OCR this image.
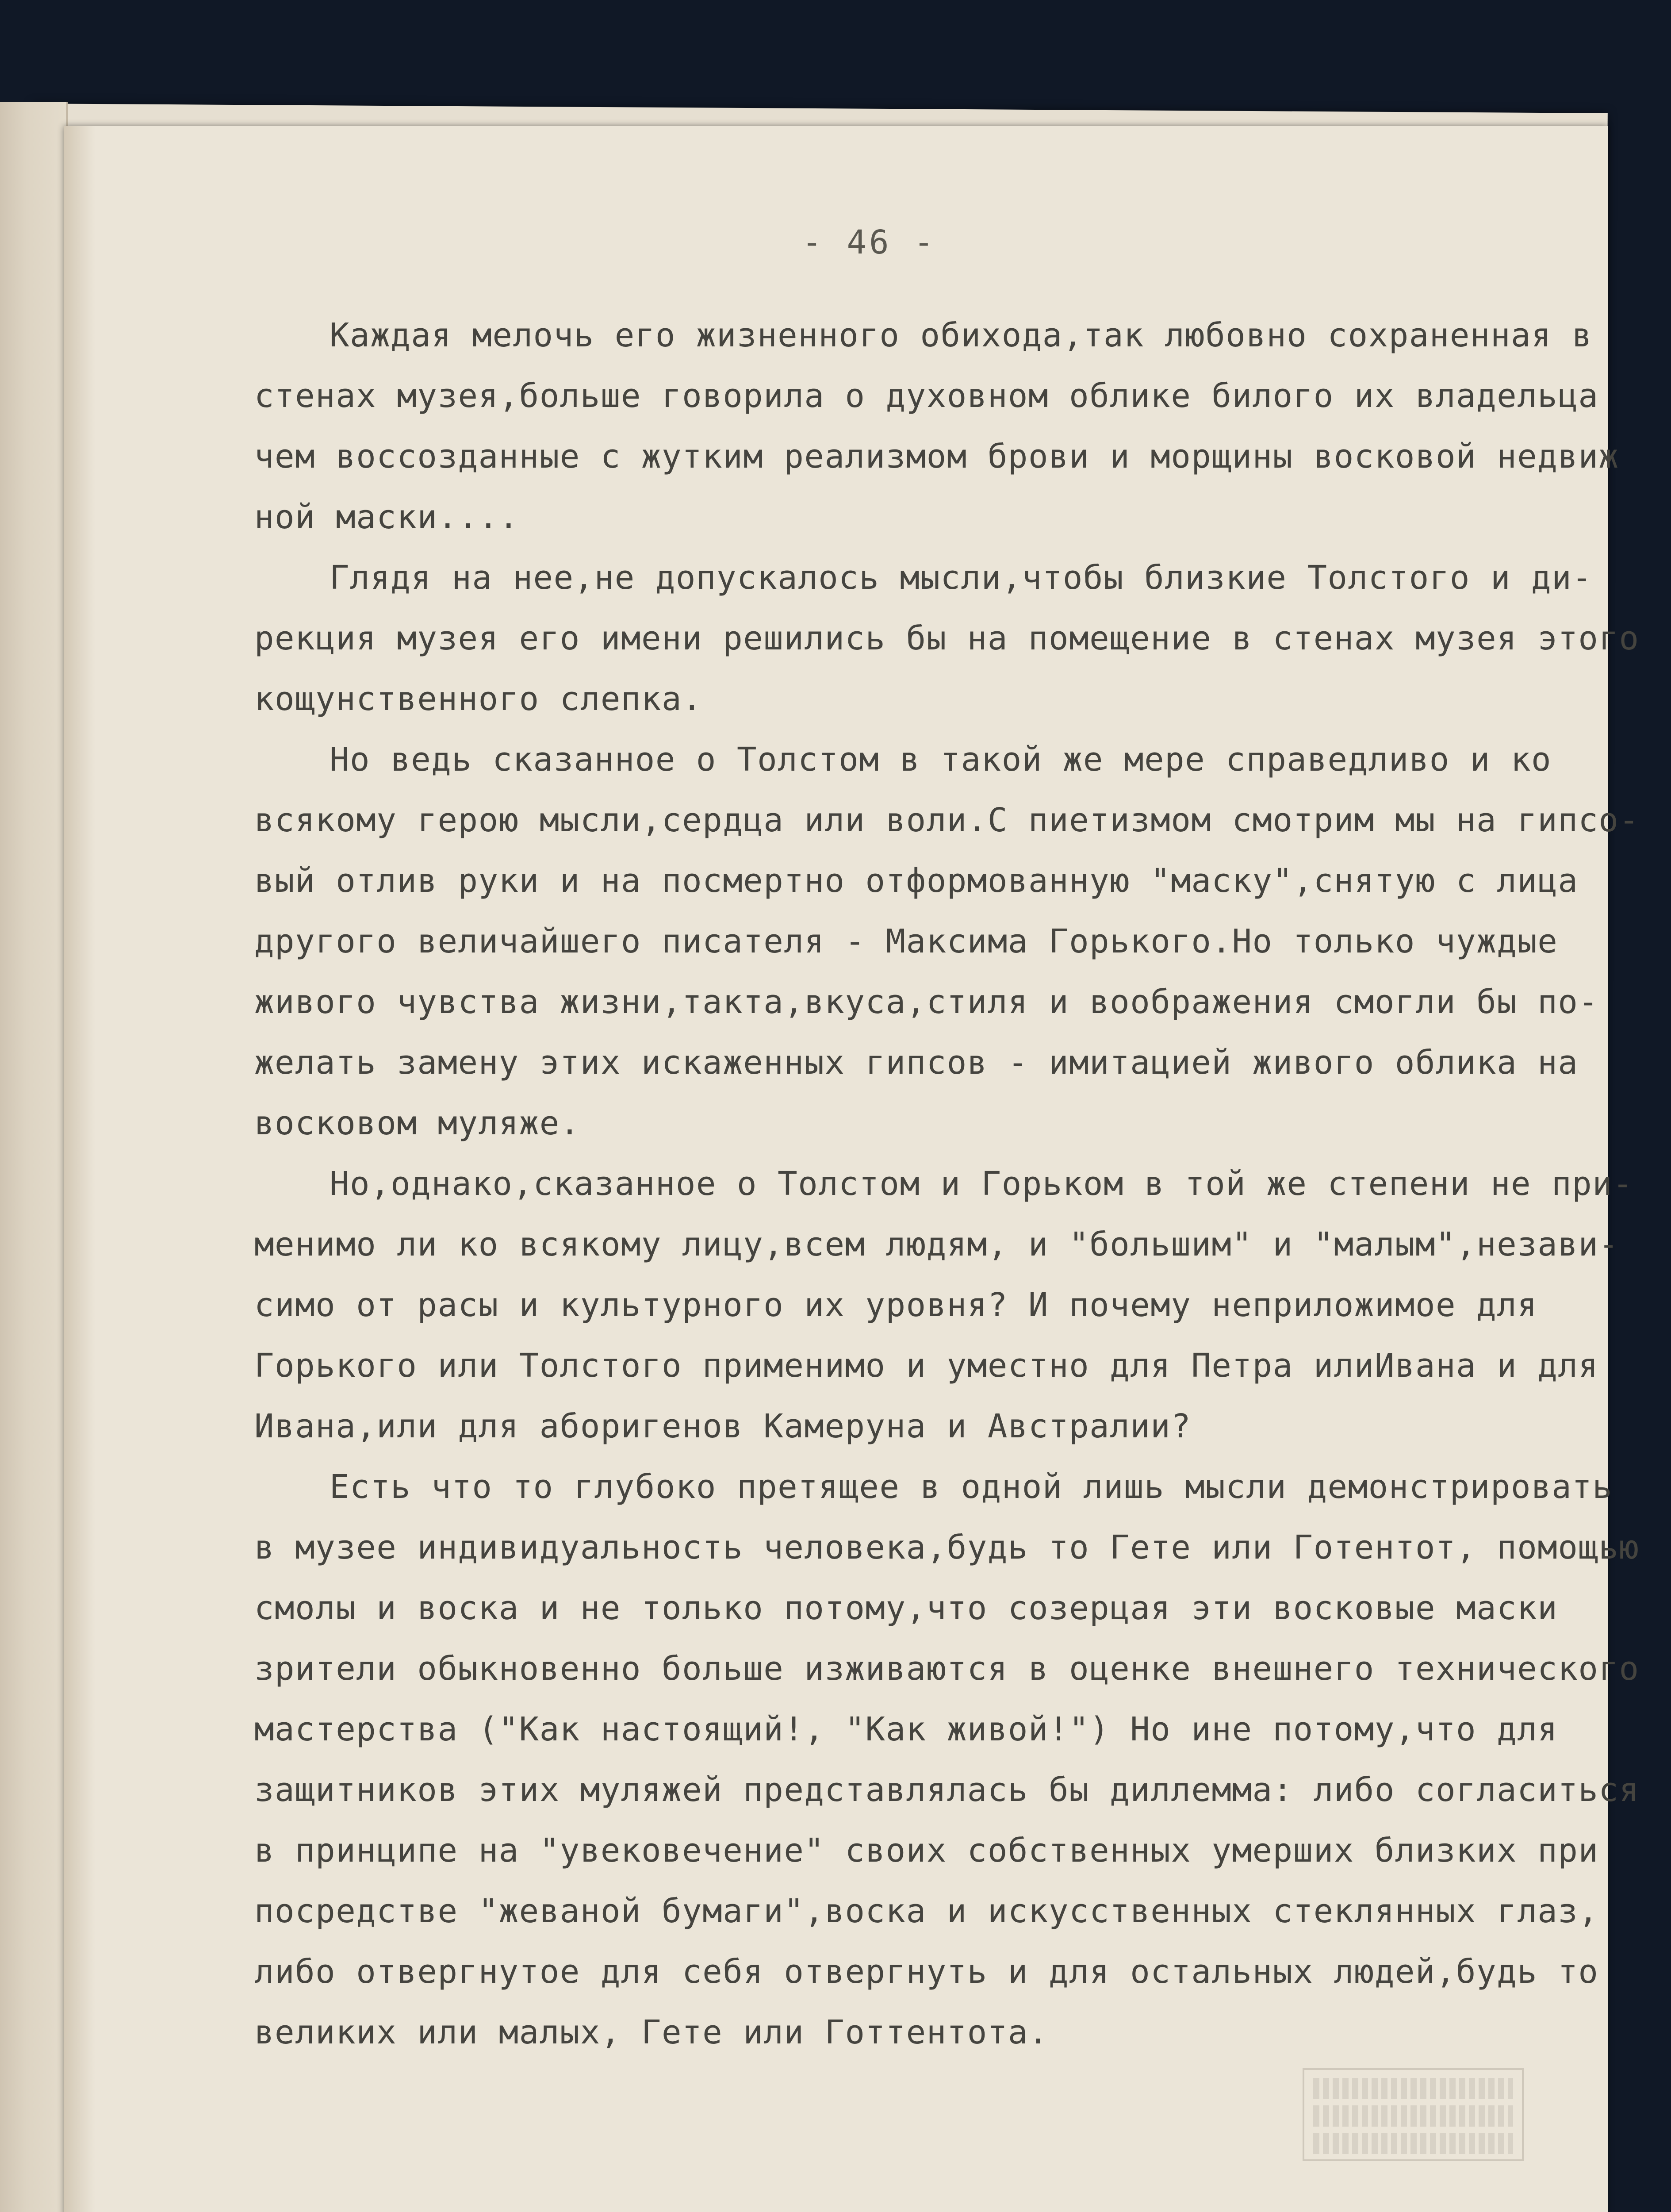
- 46 -
Каждая мелочь его жизненного обихода,так любовно сохраненная в
стенах музея,больше говорила о духовном облике билого их владельца
чем воссозданные с жутким реализмом брови и морщины восковой недвиж
ной маски....
Глядя на нее,не допускалось мысли,чтобы близкие Толстого и ди-
рекция музея его имени решились бы на помещение в стенах музея этого
кощунственного слепка.
Но ведь сказанное о Толстом в такой же мере справедливо и ко
всякому герою мысли,сердца или воли.С пиетизмом смотрим мы на гипсо-
вый отлив руки и на посмертно отформованную "маску",снятую с лица
другого величайшего писателя - Максима Горького.Но только чуждые
живого чувства жизни,такта,вкуса,стиля и воображения смогли бы по-
желать замену этих искаженных гипсов - имитацией живого облика на
восковом муляже.
Но,однако,сказанное о Толстом и Горьком в той же степени не при-
менимо ли ко всякому лицу,всем людям, и "большим" и "малым",незави-
симо от расы и культурного их уровня? И почему неприложимое для
Горького или Толстого применимо и уместно для Петра илиИвана и для
Ивана,или для аборигенов Камеруна и Австралии?
Есть что то глубоко претящее в одной лишь мысли демонстрировать
в музее индивидуальность человека,будь то Гете или Готентот, помощью
смолы и воска и не только потому,что созерцая эти восковые маски
зрители обыкновенно больше изживаются в оценке внешнего технического
мастерства ("Как настоящий!, "Как живой!") Но ине потому,что для
защитников этих муляжей представлялась бы диллемма: либо согласиться
в принципе на "увековечение" своих собственных умерших близких при
посредстве "жеваной бумаги",воска и искусственных стеклянных глаз,
либо отвергнутое для себя отвергнуть и для остальных людей,будь то
великих или малых, Гете или Готтентота.
